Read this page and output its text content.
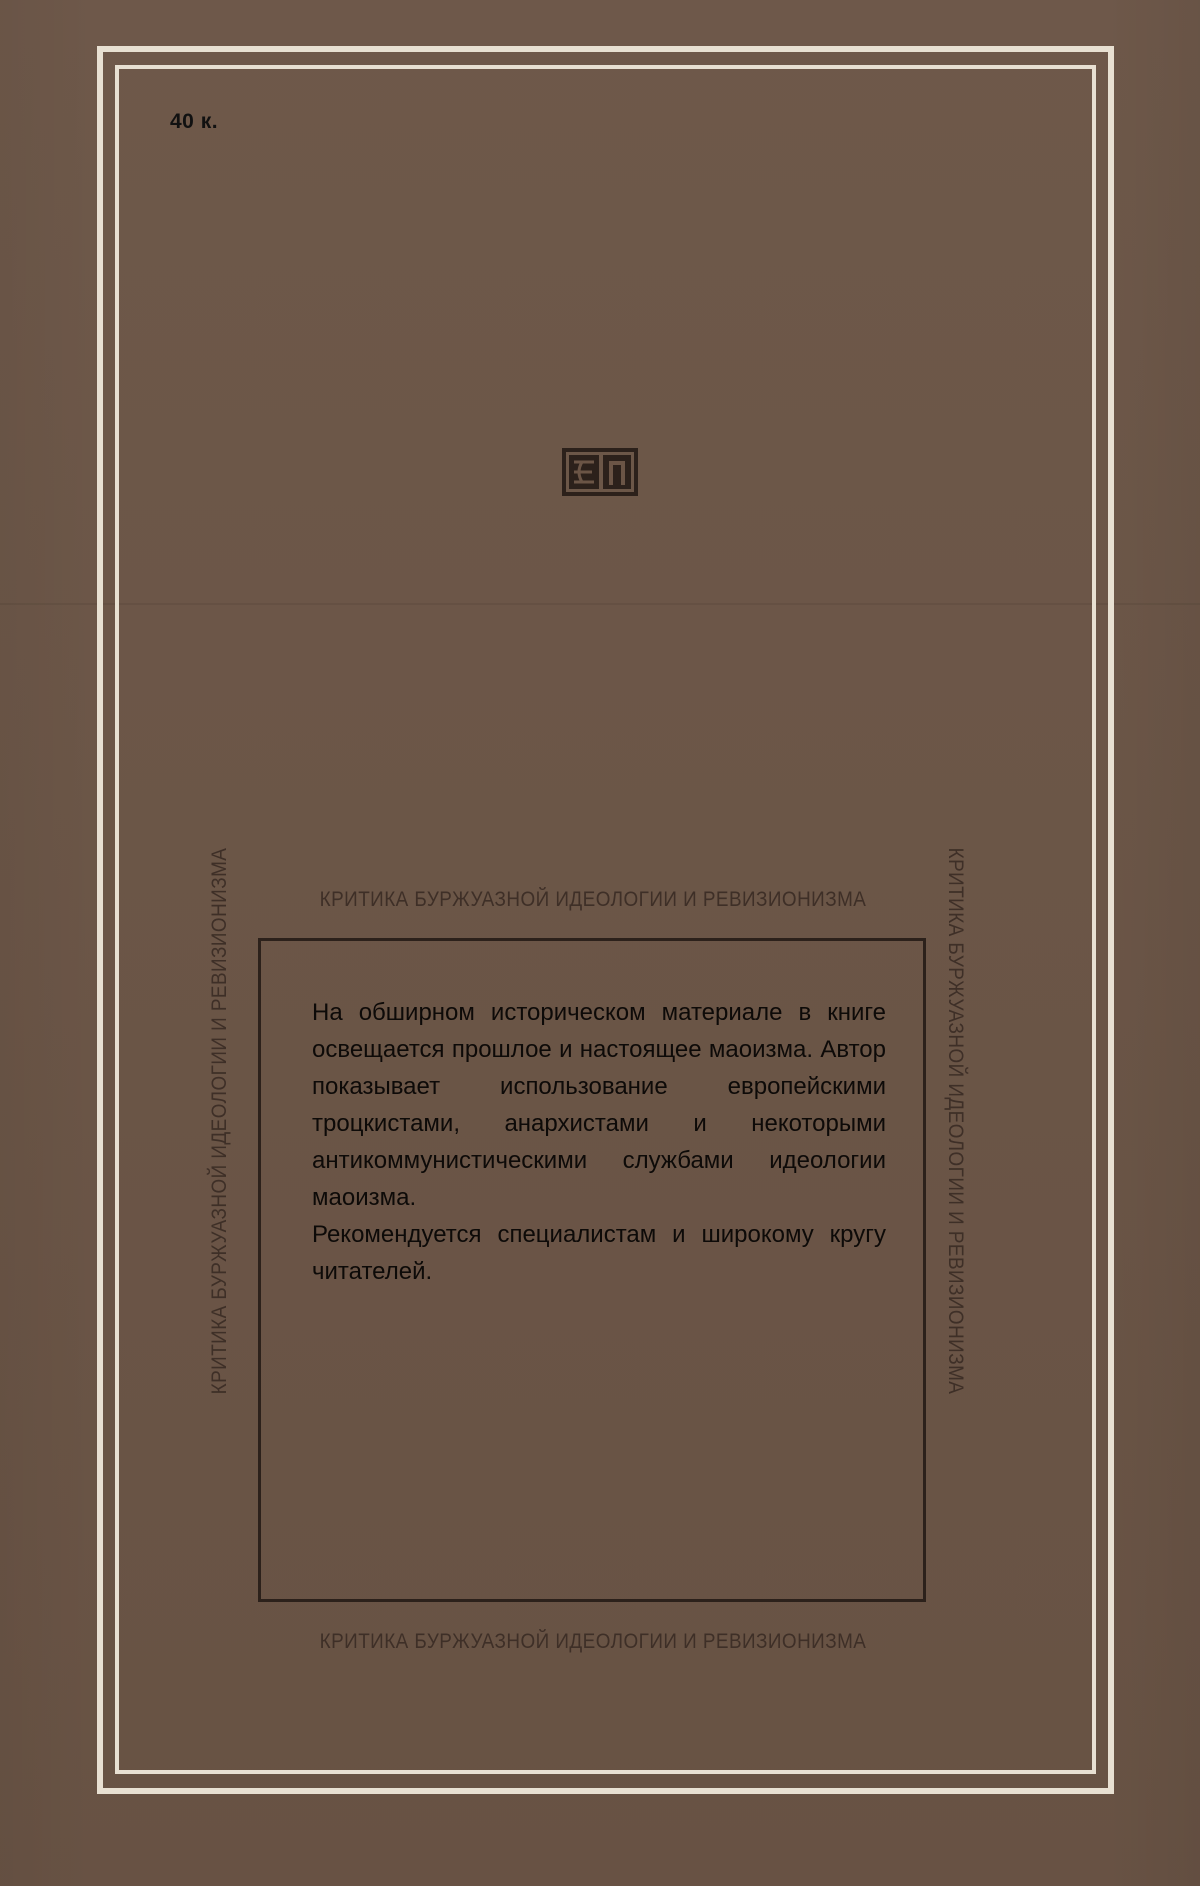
40 к.
КРИТИКА БУРЖУАЗНОЙ ИДЕОЛОГИИ И РЕВИЗИОНИЗМА
КРИТИКА БУРЖУАЗНОЙ ИДЕОЛОГИИ И РЕВИЗИОНИЗМА	КРИТИКА БУРЖУАЗНОЙ ИДЕОЛОГИИ И РЕВИЗИОНИЗМА
КРИТИКА БУРЖУАЗНОЙ ИДЕОЛОГИИ И РЕВИЗИОНИЗМА

На обширном историческом материале в книге освещается прошлое и настоящее маоизма. Автор показывает использование европейскими троцкистами, анархистами и некоторыми антикоммунистическими службами идеологии маоизма.

Рекомендуется специалистам и широкому кругу читателей.
